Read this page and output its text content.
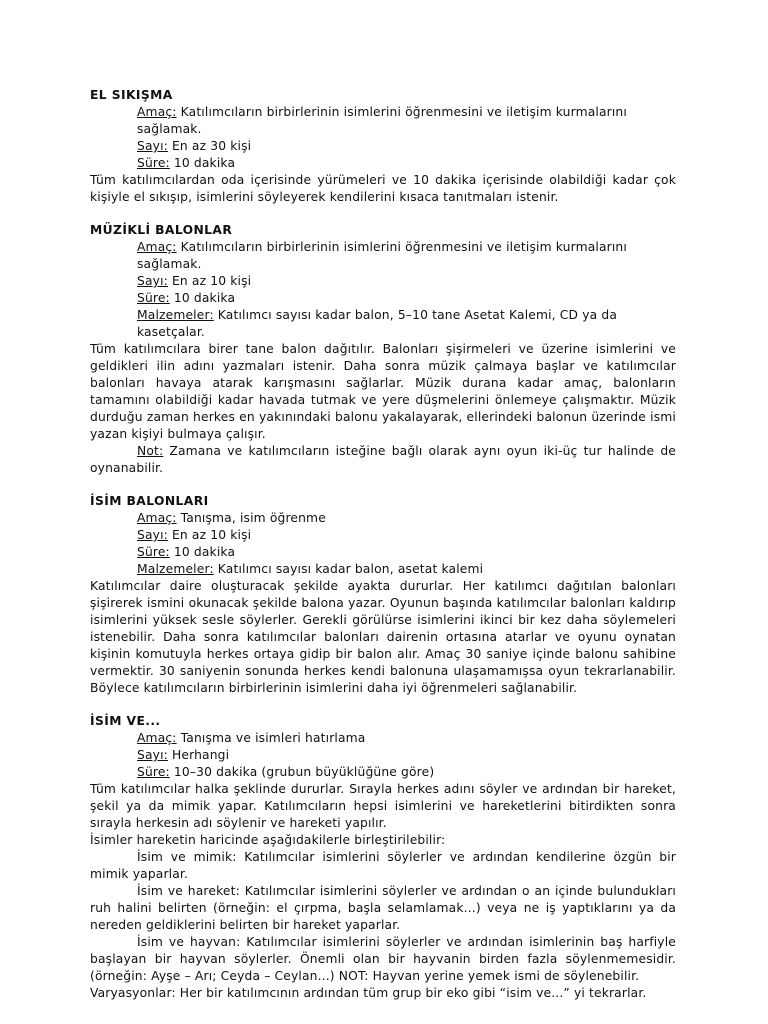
EL SIKIŞMA
Amaç: Katılımcıların birbirlerinin isimlerini öğrenmesini ve iletişim kurmalarını sağlamak.
Sayı: En az 30 kişi
Süre: 10 dakika

Tüm katılımcılardan oda içerisinde yürümeleri ve 10 dakika içerisinde olabildiği kadar çok kişiyle el sıkışıp, isimlerini söyleyerek kendilerini kısaca tanıtmaları istenir.

MÜZİKLİ BALONLAR
Amaç: Katılımcıların birbirlerinin isimlerini öğrenmesini ve iletişim kurmalarını sağlamak.
Sayı: En az 10 kişi
Süre: 10 dakika
Malzemeler: Katılımcı sayısı kadar balon, 5–10 tane Asetat Kalemi, CD ya da kasetçalar.

Tüm katılımcılara birer tane balon dağıtılır. Balonları şişirmeleri ve üzerine isimlerini ve geldikleri ilin adını yazmaları istenir. Daha sonra müzik çalmaya başlar ve katılımcılar balonları havaya atarak karışmasını sağlarlar. Müzik durana kadar amaç, balonların tamamını olabildiği kadar havada tutmak ve yere düşmelerini önlemeye çalışmaktır. Müzik durduğu zaman herkes en yakınındaki balonu yakalayarak, ellerindeki balonun üzerinde ismi yazan kişiyi bulmaya çalışır.

Not: Zamana ve katılımcıların isteğine bağlı olarak aynı oyun iki-üç tur halinde de oynanabilir.

İSİM BALONLARI
Amaç: Tanışma, isim öğrenme
Sayı: En az 10 kişi
Süre: 10 dakika
Malzemeler: Katılımcı sayısı kadar balon, asetat kalemi

Katılımcılar daire oluşturacak şekilde ayakta dururlar. Her katılımcı dağıtılan balonları şişirerek ismini okunacak şekilde balona yazar. Oyunun başında katılımcılar balonları kaldırıp isimlerini yüksek sesle söylerler. Gerekli görülürse isimlerini ikinci bir kez daha söylemeleri istenebilir. Daha sonra katılımcılar balonları dairenin ortasına atarlar ve oyunu oynatan kişinin komutuyla herkes ortaya gidip bir balon alır. Amaç 30 saniye içinde balonu sahibine vermektir. 30 saniyenin sonunda herkes kendi balonuna ulaşamamışsa oyun tekrarlanabilir. Böylece katılımcıların birbirlerinin isimlerini daha iyi öğrenmeleri sağlanabilir.

İSİM VE...
Amaç: Tanışma ve isimleri hatırlama
Sayı: Herhangi
Süre: 10–30 dakika (grubun büyüklüğüne göre)

Tüm katılımcılar halka şeklinde dururlar. Sırayla herkes adını söyler ve ardından bir hareket, şekil ya da mimik yapar. Katılımcıların hepsi isimlerini ve hareketlerini bitirdikten sonra sırayla herkesin adı söylenir ve hareketi yapılır.

İsimler hareketin haricinde aşağıdakilerle birleştirilebilir:

İsim ve mimik: Katılımcılar isimlerini söylerler ve ardından kendilerine özgün bir mimik yaparlar.

İsim ve hareket: Katılımcılar isimlerini söylerler ve ardından o an içinde bulundukları ruh halini belirten (örneğin: el çırpma, başla selamlamak...) veya ne iş yaptıklarını ya da nereden geldiklerini belirten bir hareket yaparlar.

İsim ve hayvan: Katılımcılar isimlerini söylerler ve ardından isimlerinin baş harfiyle başlayan bir hayvan söylerler. Önemli olan bir hayvanin birden fazla söylenmemesidir. (örneğin: Ayşe – Arı; Ceyda – Ceylan...) NOT: Hayvan yerine yemek ismi de söylenebilir.

Varyasyonlar: Her bir katılımcının ardından tüm grup bir eko gibi “isim ve...” yi tekrarlar.
